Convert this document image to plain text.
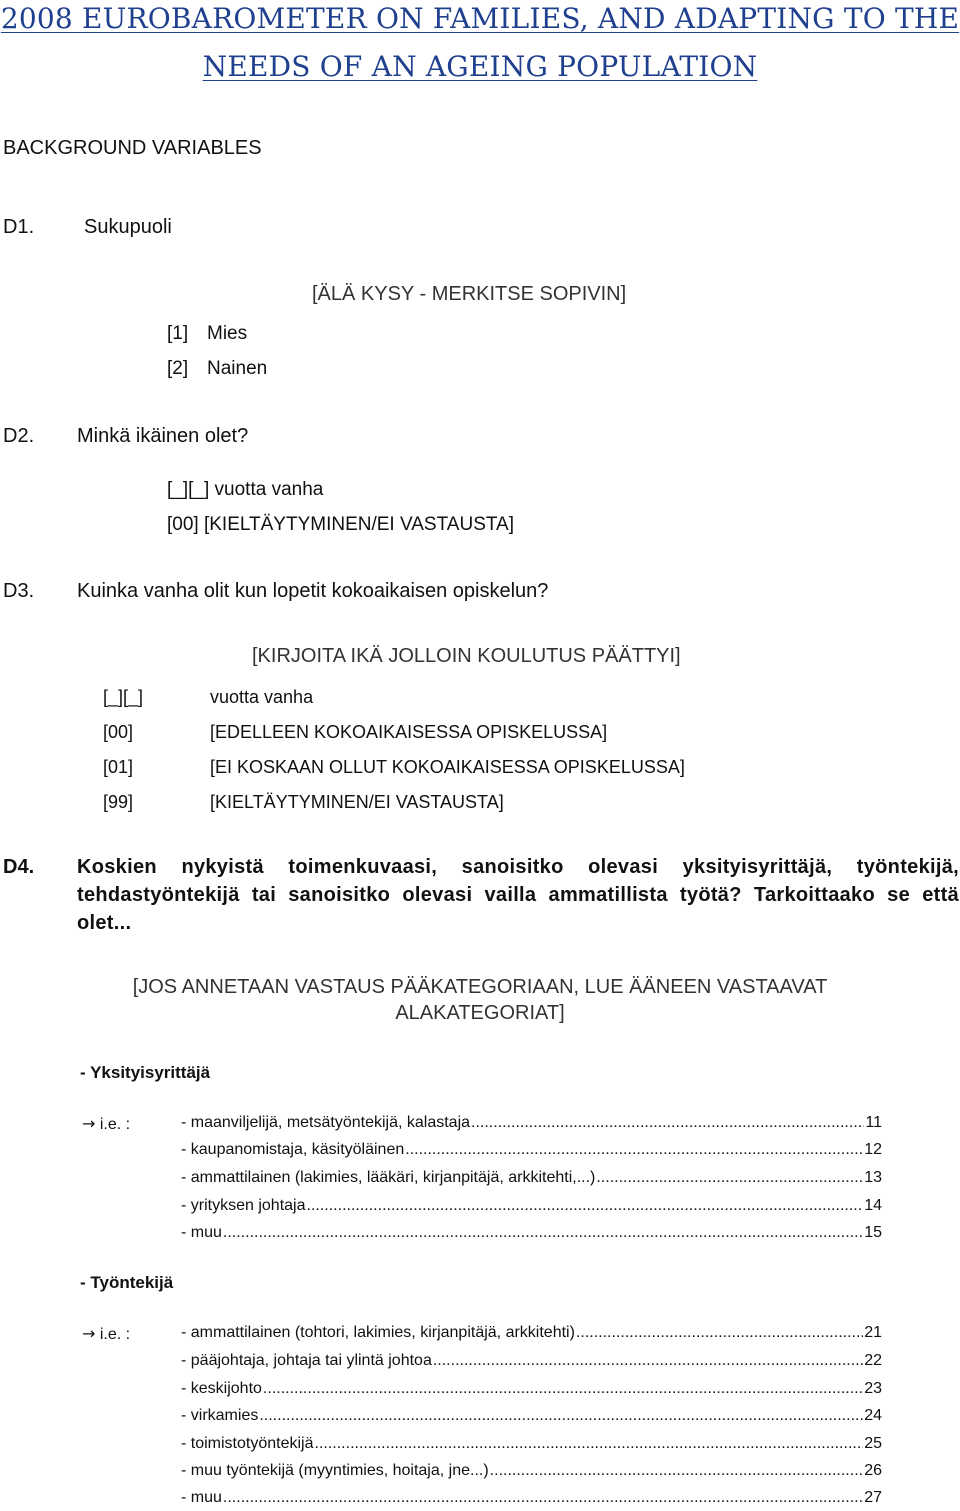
2008 EUROBAROMETER ON FAMILIES, AND ADAPTING TO THE
NEEDS OF AN AGEING POPULATION
BACKGROUND VARIABLES
D1. Sukupuoli
[ÄLÄ KYSY - MERKITSE SOPIVIN]
[1] Mies
[2] Nainen
D2. Minkä ikäinen olet?
[_][_] vuotta vanha
[00] [KIELTÄYTYMINEN/EI VASTAUSTA]
D3. Kuinka vanha olit kun lopetit kokoaikaisen opiskelun?
[KIRJOITA IKÄ JOLLOIN KOULUTUS PÄÄTTYI]
[_][_]	vuotta vanha
[00]	[EDELLEEN KOKOAIKAISESSA OPISKELUSSA]
[01]	[EI KOSKAAN OLLUT KOKOAIKAISESSA OPISKELUSSA]
[99]	[KIELTÄYTYMINEN/EI VASTAUSTA]
D4. Koskien nykyistä toimenkuvaasi, sanoisitko olevasi yksityisyrittäjä, työntekijä, tehdastyöntekijä tai sanoisitko olevasi vailla ammatillista työtä? Tarkoittaako se että olet...
[JOS ANNETAAN VASTAUS PÄÄKATEGORIAAN, LUE ÄÄNEEN VASTAAVAT ALAKATEGORIAT]
- Yksityisyrittäjä
→ i.e. :	- maanviljelijä, metsätyöntekijä, kalastaja .....	11
- kaupanomistaja, käsityöläinen .....	12
- ammattilainen (lakimies, lääkäri, kirjanpitäjä, arkkitehti,...) .....	13
- yrityksen johtaja .....	14
- muu .....	15
- Työntekijä
→ i.e. :	- ammattilainen (tohtori, lakimies, kirjanpitäjä, arkkitehti) .....	21
- pääjohtaja, johtaja tai ylintä johtoa .....	22
- keskijohto .....	23
- virkamies .....	24
- toimistotyöntekijä .....	25
- muu työntekijä (myyntimies, hoitaja, jne...) .....	26
- muu .....	27
